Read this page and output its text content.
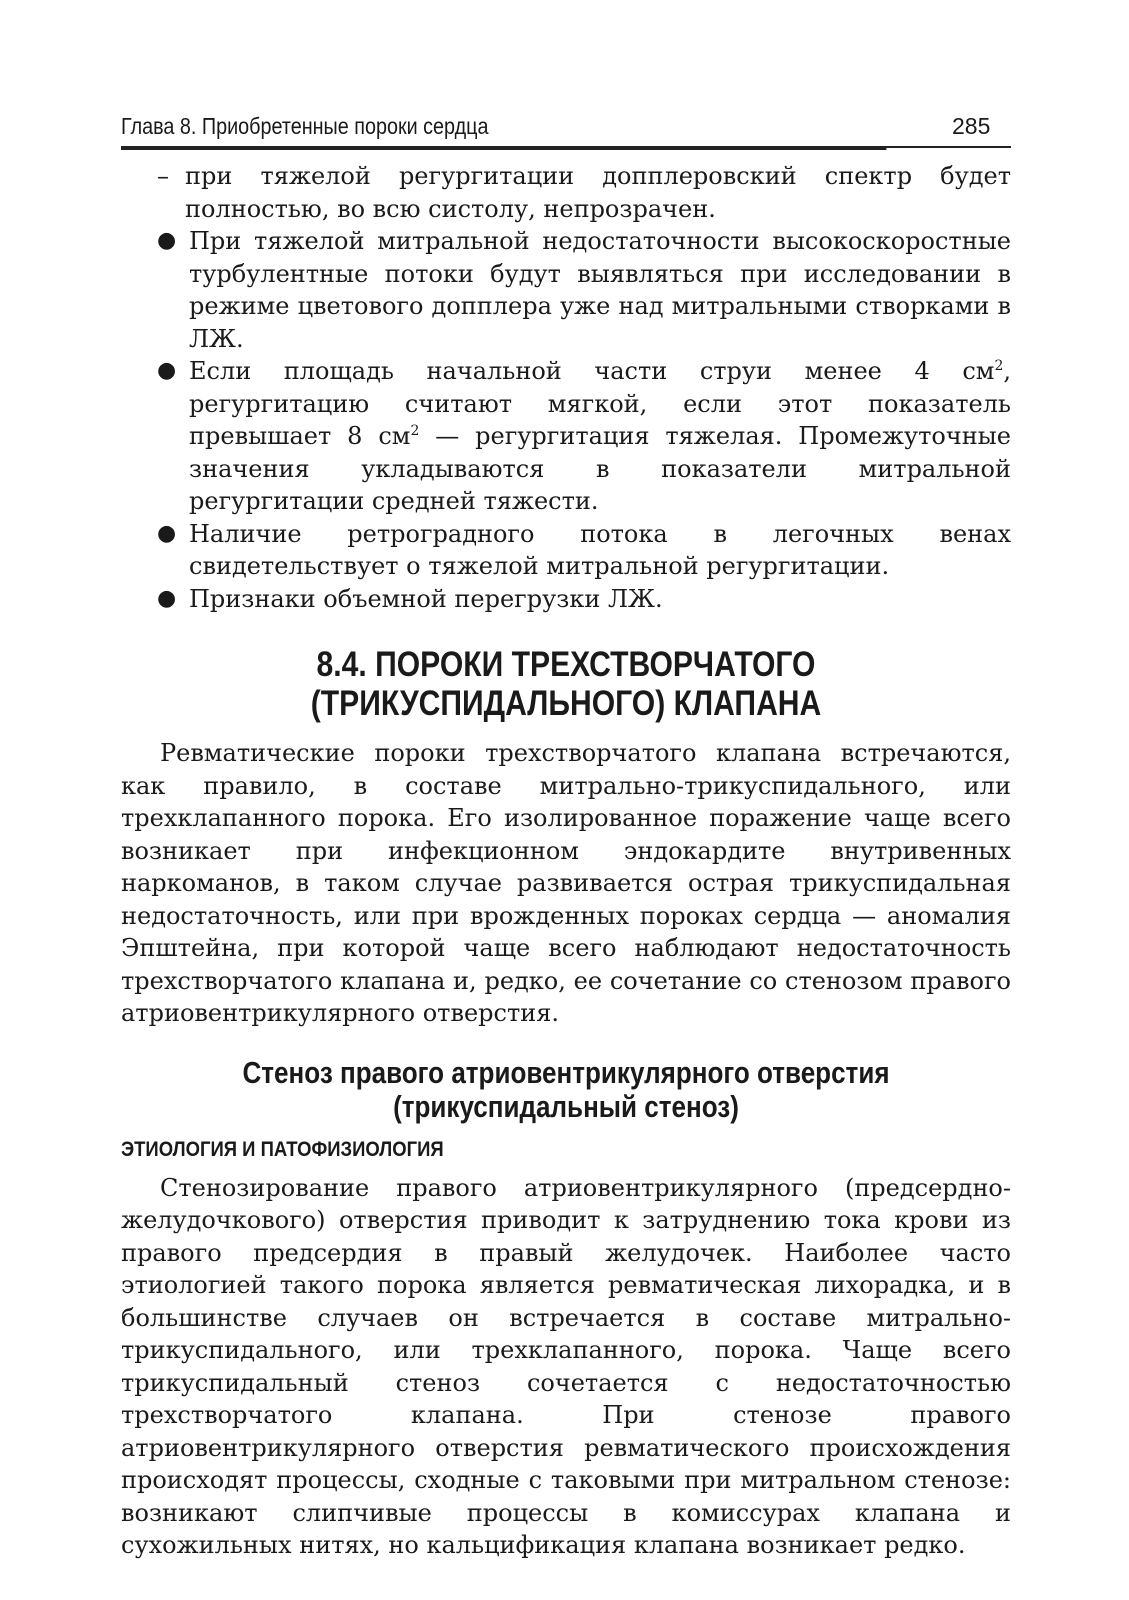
Глава 8. Приобретенные пороки сердца	285
– при тяжелой регургитации допплеровский спектр будет полностью, во всю систолу, непрозрачен.
● При тяжелой митральной недостаточности высокоскоростные турбулентные потоки будут выявляться при исследовании в режиме цветового допплера уже над митральными створками в ЛЖ.
● Если площадь начальной части струи менее 4 $см^2$, регургитацию считают мягкой, если этот показатель превышает 8 $см^2$ — регургитация тяжелая. Промежуточные значения укладываются в показатели митральной регургитации средней тяжести.
● Наличие ретроградного потока в легочных венах свидетельствует о тяжелой митральной регургитации.
● Признаки объемной перегрузки ЛЖ.
8.4. ПОРОКИ ТРЕХСТВОРЧАТОГО
(ТРИКУСПИДАЛЬНОГО) КЛАПАНА

Ревматические пороки трехстворчатого клапана встречаются, как правило, в составе митрально-трикуспидального, или трехклапанного порока. Его изолированное поражение чаще всего возникает при инфекционном эндокардите внутривенных наркоманов, в таком случае развивается острая трикуспидальная недостаточность, или при врожденных пороках сердца — аномалия Эпштейна, при которой чаще всего наблюдают недостаточность трехстворчатого клапана и, редко, ее сочетание со стенозом правого атриовентрикулярного отверстия.

Стеноз правого атриовентрикулярного отверстия
(трикуспидальный стеноз)

ЭТИОЛОГИЯ И ПАТОФИЗИОЛОГИЯ

Стенозирование правого атриовентрикулярного (предсердно-желудочкового) отверстия приводит к затруднению тока крови из правого предсердия в правый желудочек. Наиболее часто этиологией такого порока является ревматическая лихорадка, и в большинстве случаев он встречается в составе митрально-трикуспидального, или трехклапанного, порока. Чаще всего трикуспидальный стеноз сочетается с недостаточностью трехстворчатого клапана. При стенозе правого атриовентрикулярного отверстия ревматического происхождения происходят процессы, сходные с таковыми при митральном стенозе: возникают слипчивые процессы в комиссурах клапана и сухожильных нитях, но кальцификация клапана возникает редко.
